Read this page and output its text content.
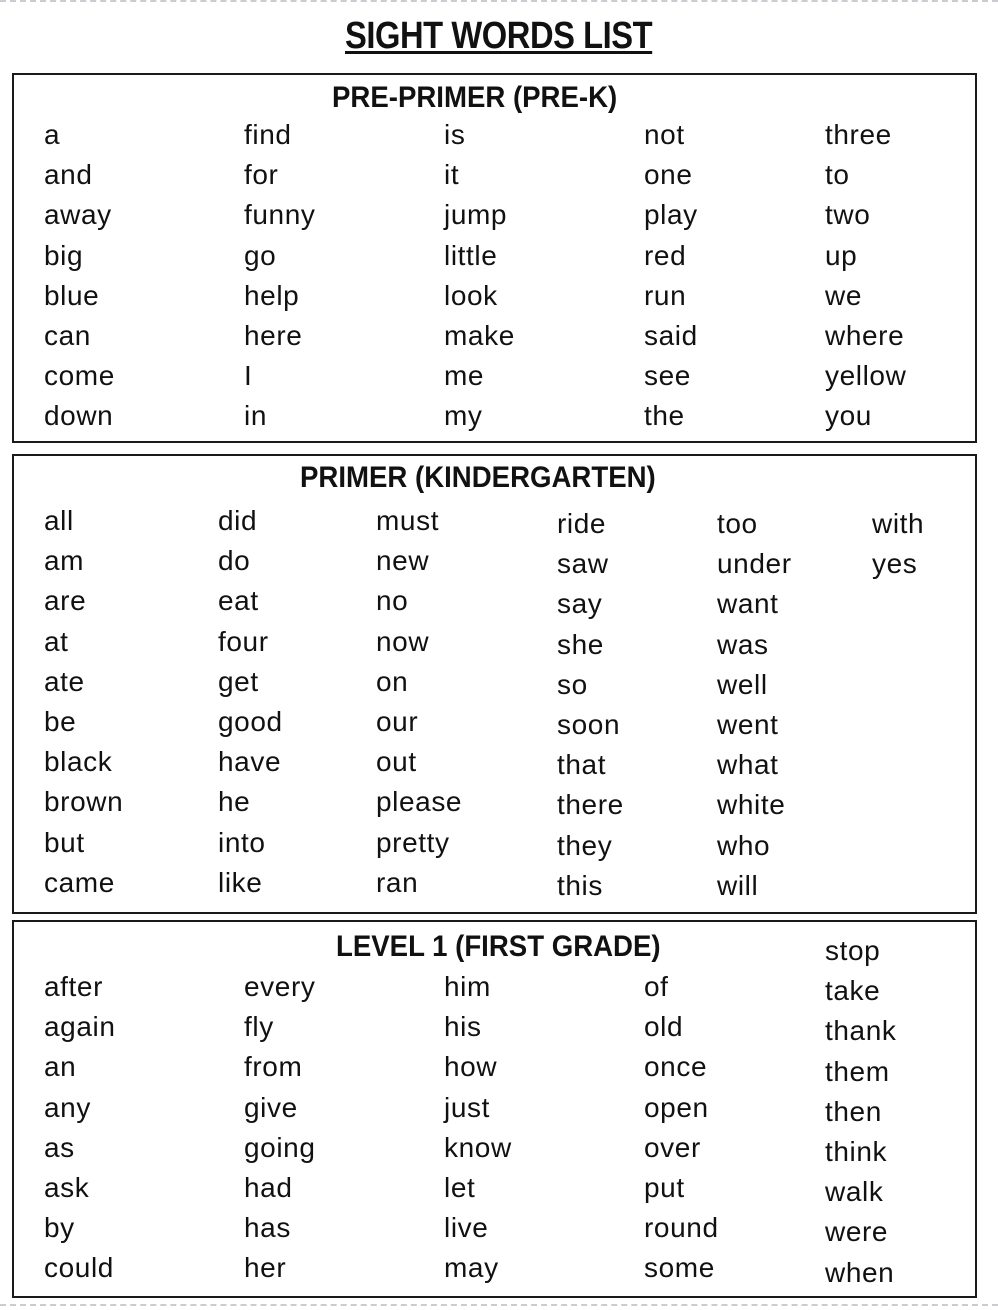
SIGHT WORDS LIST
PRE-PRIMER (PRE-K)
a
and
away
big
blue
can
come
down
find
for
funny
go
help
here
I
in
is
it
jump
little
look
make
me
my
not
one
play
red
run
said
see
the
three
to
two
up
we
where
yellow
you
PRIMER (KINDERGARTEN)
all
am
are
at
ate
be
black
brown
but
came
did
do
eat
four
get
good
have
he
into
like
must
new
no
now
on
our
out
please
pretty
ran
ride
saw
say
she
so
soon
that
there
they
this
too
under
want
was
well
went
what
white
who
will
with
yes
LEVEL 1 (FIRST GRADE)
after
again
an
any
as
ask
by
could
every
fly
from
give
going
had
has
her
him
his
how
just
know
let
live
may
of
old
once
open
over
put
round
some
stop
take
thank
them
then
think
walk
were
when
